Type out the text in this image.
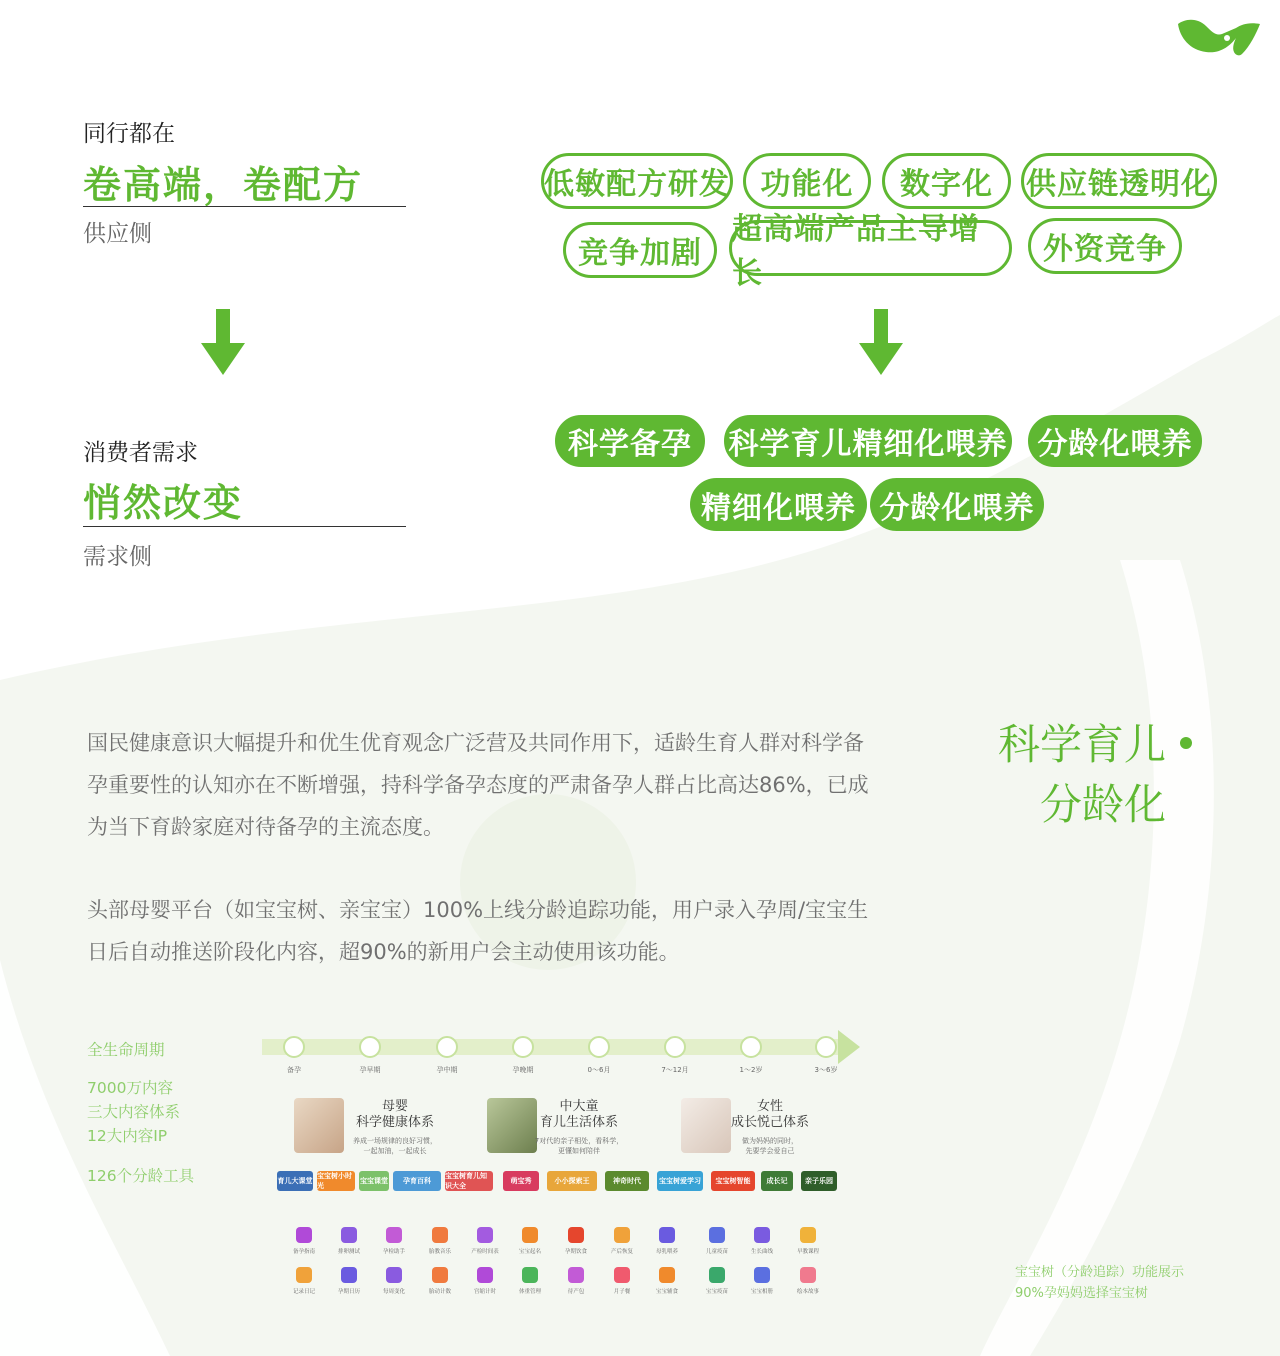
同行都在
卷高端，卷配方
供应侧
消费者需求
悄然改变
需求侧
低敏配方研发	功能化	数字化	供应链透明化
竞争加剧
超高端产品主导增长
外资竞争
科学备孕	科学育儿精细化喂养	分龄化喂养
精细化喂养 分龄化喂养
国民健康意识大幅提升和优生优育观念广泛营及共同作用下，适龄生育人群对科学备孕重要性的认知亦在不断增强，持科学备孕态度的严肃备孕人群占比高达86%，已成为当下育龄家庭对待备孕的主流态度。
头部母婴平台（如宝宝树、亲宝宝）100%上线分龄追踪功能，用户录入孕周/宝宝生日后自动推送阶段化内容，超90%的新用户会主动使用该功能。
科学育儿
分龄化
全生命周期
7000万内容
三大内容体系
12大内容IP
126个分龄工具
备孕	孕早期	孕中期	孕晚期	0～6月	7～12月	1～2岁	3～6岁
母婴
科学健康体系
养成一场规律的良好习惯，
一起加油，一起成长
中大童
育儿生活体系
7对代的亲子相处，看科学，
更懂如何陪伴
女性
成长悦己体系
做为妈妈的同时，
先要学会爱自己
育儿大课堂
宝宝树小时光
宝宝课堂	孕育百科
宝宝树育儿知识大全
萌宝秀	小小探索王	神奇时代	宝宝树爱学习	宝宝树智能	成长记	亲子乐园
备孕指南	排卵测试	孕检助手	胎教音乐	产检时间表	宝宝起名	孕期饮食	产后恢复	母乳喂养	儿童疫苗	生长曲线	早教课程
记录日记	孕期日历	每周变化	胎动计数	宫缩计时	体重管理	待产包	月子餐	宝宝辅食	宝宝疫苗	宝宝相册	绘本故事
宝宝树（分龄追踪）功能展示
90%孕妈妈选择宝宝树
